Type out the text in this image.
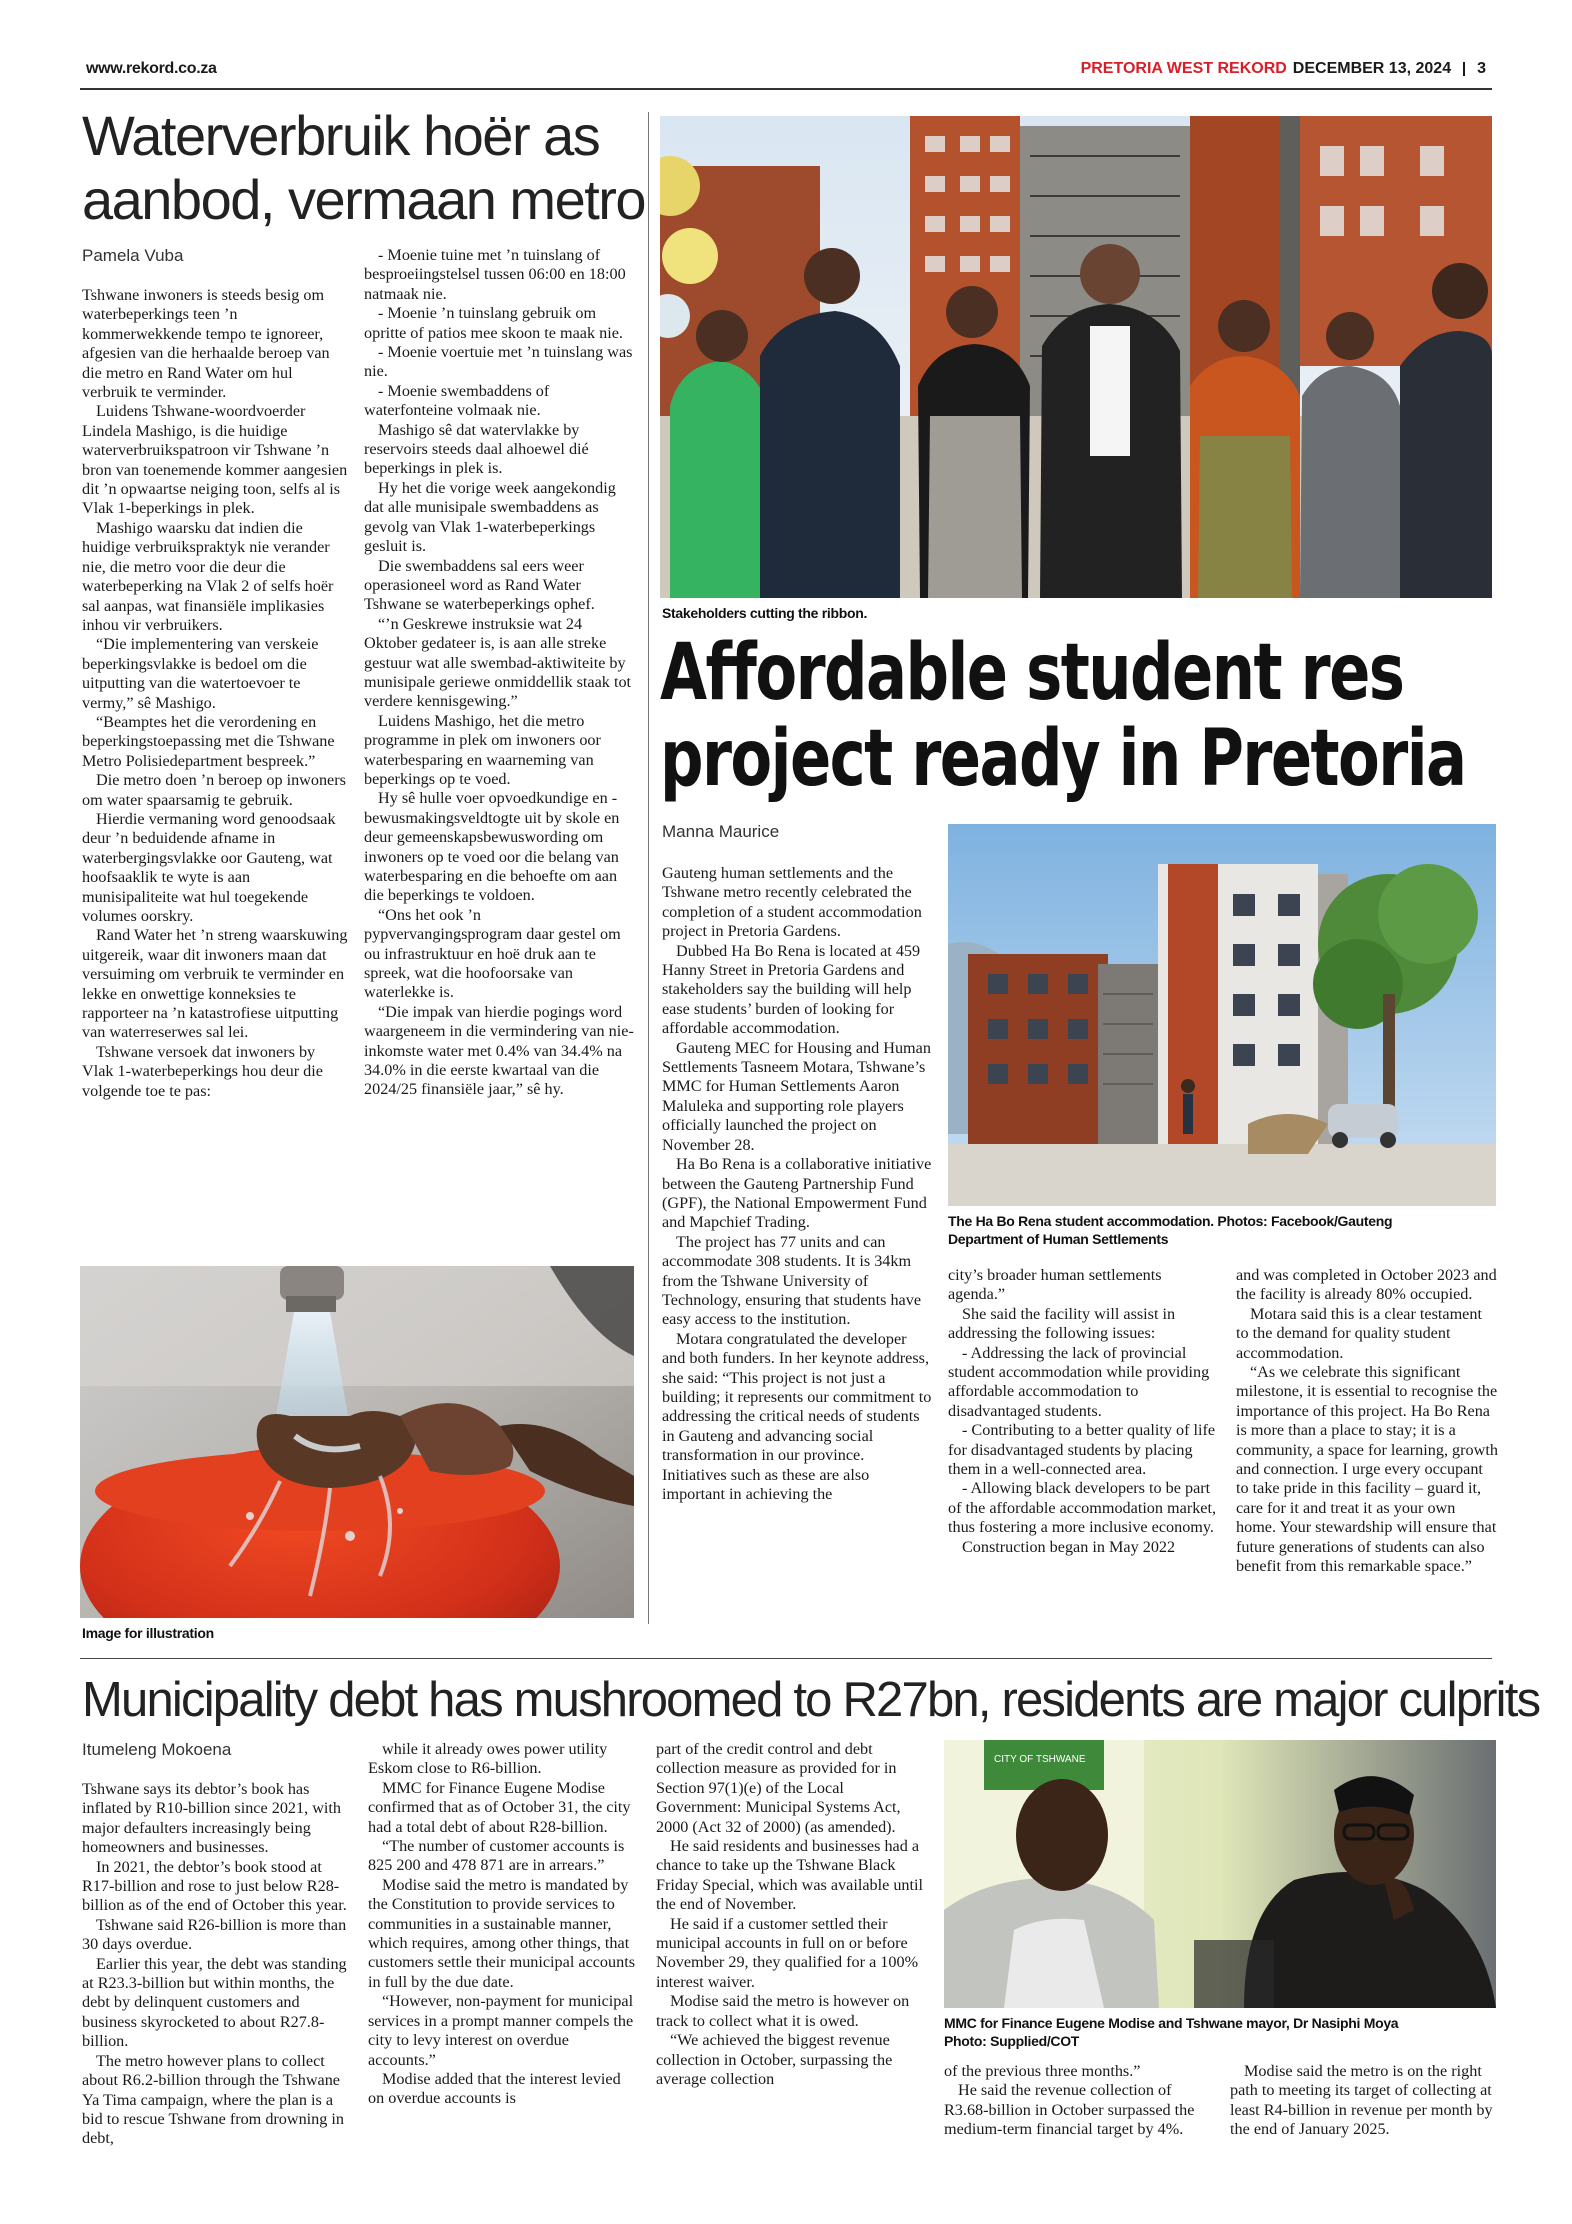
www.rekord.co.za	PRETORIA WEST REKORD DECEMBER 13, 2024 3
Waterverbruik hoër as
aanbod, vermaan metro
Pamela Vuba

Tshwane inwoners is steeds besig om waterbeperkings teen ’n kommerwekkende tempo te ignoreer, afgesien van die herhaalde beroep van die metro en Rand Water om hul verbruik te verminder.

Luidens Tshwane-woordvoerder Lindela Mashigo, is die huidige waterverbruikspatroon vir Tshwane ’n bron van toenemende kommer aangesien dit ’n opwaartse neiging toon, selfs al is Vlak 1-beperkings in plek.

Mashigo waarsku dat indien die huidige verbruikspraktyk nie verander nie, die metro voor die deur die waterbeperking na Vlak 2 of selfs hoër sal aanpas, wat finansiële implikasies inhou vir verbruikers.

“Die implementering van verskeie beperkingsvlakke is bedoel om die uitputting van die watertoevoer te vermy,” sê Mashigo.

“Beamptes het die verordening en beperkingstoepassing met die Tshwane Metro Polisiedepartment bespreek.”

Die metro doen ’n beroep op inwoners om water spaarsamig te gebruik.

Hierdie vermaning word genoodsaak deur ’n beduidende afname in waterbergingsvlakke oor Gauteng, wat hoofsaaklik te wyte is aan munisipaliteite wat hul toegekende volumes oorskry.

Rand Water het ’n streng waarskuwing uitgereik, waar dit inwoners maan dat versuiming om verbruik te verminder en lekke en onwettige konneksies te rapporteer na ’n katastrofiese uitputting van waterreserwes sal lei.

Tshwane versoek dat inwoners by Vlak 1-waterbeperkings hou deur die volgende toe te pas:

- Moenie tuine met ’n tuinslang of besproeiingstelsel tussen 06:00 en 18:00 natmaak nie.

- Moenie ’n tuinslang gebruik om opritte of patios mee skoon te maak nie.

- Moenie voertuie met ’n tuinslang was nie.

- Moenie swembaddens of waterfonteine volmaak nie.

Mashigo sê dat watervlakke by reservoirs steeds daal alhoewel dié beperkings in plek is.

Hy het die vorige week aangekondig dat alle munisipale swembaddens as gevolg van Vlak 1-waterbeperkings gesluit is.

Die swembaddens sal eers weer operasioneel word as Rand Water Tshwane se waterbeperkings ophef.

“’n Geskrewe instruksie wat 24 Oktober gedateer is, is aan alle streke gestuur wat alle swembad-aktiwiteite by munisipale geriewe onmiddellik staak tot verdere kennisgewing.”

Luidens Mashigo, het die metro programme in plek om inwoners oor waterbesparing en waarneming van beperkings op te voed.

Hy sê hulle voer opvoedkundige en -bewusmakingsveldtogte uit by skole en deur gemeenskapsbewuswording om inwoners op te voed oor die belang van waterbesparing en die behoefte om aan die beperkings te voldoen.

“Ons het ook ’n pypvervangingsprogram daar gestel om ou infrastruktuur en hoë druk aan te spreek, wat die hoofoorsake van waterlekke is.

“Die impak van hierdie pogings word waargeneem in die vermindering van nie-inkomste water met 0.4% van 34.4% na 34.0% in die eerste kwartaal van die 2024/25 finansiële jaar,” sê hy.

Image for illustration
Stakeholders cutting the ribbon.
Affordable student res
project ready in Pretoria
Manna Maurice

Gauteng human settlements and the Tshwane metro recently celebrated the completion of a student accommodation project in Pretoria Gardens.

Dubbed Ha Bo Rena is located at 459 Hanny Street in Pretoria Gardens and stakeholders say the building will help ease students’ burden of looking for affordable accommodation.

Gauteng MEC for Housing and Human Settlements Tasneem Motara, Tshwane’s MMC for Human Settlements Aaron Maluleka and supporting role players officially launched the project on November 28.

Ha Bo Rena is a collaborative initiative between the Gauteng Partnership Fund (GPF), the National Empowerment Fund and Mapchief Trading.

The project has 77 units and can accommodate 308 students. It is 34km from the Tshwane University of Technology, ensuring that students have easy access to the institution.

Motara congratulated the developer and both funders. In her keynote address, she said: “This project is not just a building; it represents our commitment to addressing the critical needs of students in Gauteng and advancing social transformation in our province. Initiatives such as these are also important in achieving the

The Ha Bo Rena student accommodation. Photos: Facebook/Gauteng
Department of Human Settlements

city’s broader human settlements agenda.”

She said the facility will assist in addressing the following issues:

- Addressing the lack of provincial student accommodation while providing affordable accommodation to disadvantaged students.

- Contributing to a better quality of life for disadvantaged students by placing them in a well-connected area.

- Allowing black developers to be part of the affordable accommodation market, thus fostering a more inclusive economy.

Construction began in May 2022

and was completed in October 2023 and the facility is already 80% occupied.

Motara said this is a clear testament to the demand for quality student accommodation.

“As we celebrate this significant milestone, it is essential to recognise the importance of this project. Ha Bo Rena is more than a place to stay; it is a community, a space for learning, growth and connection. I urge every occupant to take pride in this facility – guard it, care for it and treat it as your own home. Your stewardship will ensure that future generations of students can also benefit from this remarkable space.”

Municipality debt has mushroomed to R27bn, residents are major culprits
Itumeleng Mokoena

Tshwane says its debtor’s book has inflated by R10-billion since 2021, with major defaulters increasingly being homeowners and businesses.

In 2021, the debtor’s book stood at R17-billion and rose to just below R28-billion as of the end of October this year.

Tshwane said R26-billion is more than 30 days overdue.

Earlier this year, the debt was standing at R23.3-billion but within months, the debt by delinquent customers and business skyrocketed to about R27.8-billion.

The metro however plans to collect about R6.2-billion through the Tshwane Ya Tima campaign, where the plan is a bid to rescue Tshwane from drowning in debt,

while it already owes power utility Eskom close to R6-billion.

MMC for Finance Eugene Modise confirmed that as of October 31, the city had a total debt of about R28-billion.

“The number of customer accounts is 825 200 and 478 871 are in arrears.”

Modise said the metro is mandated by the Constitution to provide services to communities in a sustainable manner, which requires, among other things, that customers settle their municipal accounts in full by the due date.

“However, non-payment for municipal services in a prompt manner compels the city to levy interest on overdue accounts.”

Modise added that the interest levied on overdue accounts is

part of the credit control and debt collection measure as provided for in Section 97(1)(e) of the Local Government: Municipal Systems Act, 2000 (Act 32 of 2000) (as amended).

He said residents and businesses had a chance to take up the Tshwane Black Friday Special, which was available until the end of November.

He said if a customer settled their municipal accounts in full on or before November 29, they qualified for a 100% interest waiver.

Modise said the metro is however on track to collect what it is owed.

“We achieved the biggest revenue collection in October, surpassing the average collection

CITY OF TSHWANE
MMC for Finance Eugene Modise and Tshwane mayor, Dr Nasiphi Moya
Photo: Supplied/COT

of the previous three months.”

He said the revenue collection of R3.68-billion in October surpassed the medium-term financial target by 4%.

Modise said the metro is on the right path to meeting its target of collecting at least R4-billion in revenue per month by the end of January 2025.
